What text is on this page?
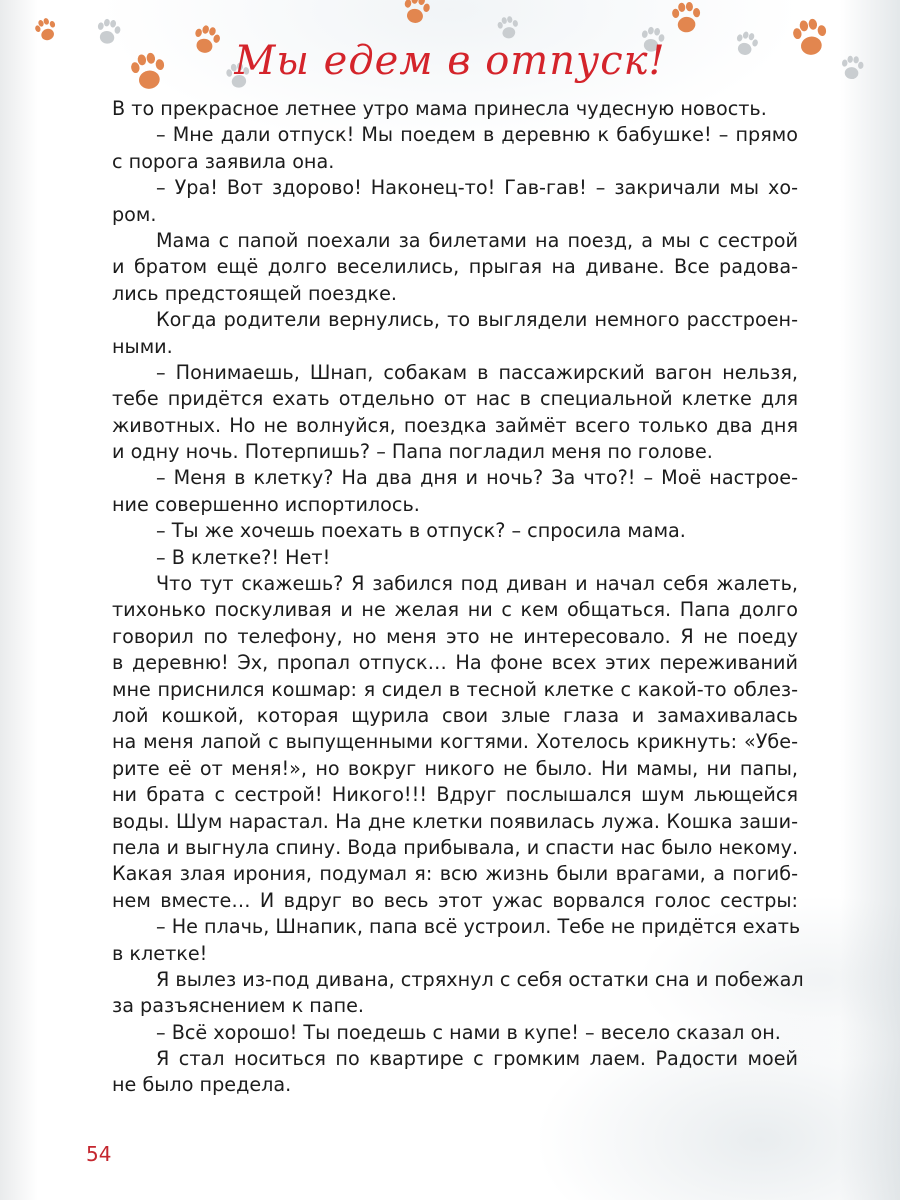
Мы едем в отпуск!
В то прекрасное летнее утро мама принесла чудесную новость.
– Мне дали отпуск! Мы поедем в деревню к бабушке! – прямо
с порога заявила она.
– Ура! Вот здорово! Наконец-то! Гав-гав! – закричали мы хо-
ром.
Мама с папой поехали за билетами на поезд, а мы с сестрой
и братом ещё долго веселились, прыгая на диване. Все радова-
лись предстоящей поездке.
Когда родители вернулись, то выглядели немного расстроен-
ными.
– Понимаешь, Шнап, собакам в пассажирский вагон нельзя,
тебе придётся ехать отдельно от нас в специальной клетке для
животных. Но не волнуйся, поездка займёт всего только два дня
и одну ночь. Потерпишь? – Папа погладил меня по голове.
– Меня в клетку? На два дня и ночь? За что?! – Моё настрое-
ние совершенно испортилось.
– Ты же хочешь поехать в отпуск? – спросила мама.
– В клетке?! Нет!
Что тут скажешь? Я забился под диван и начал себя жалеть,
тихонько поскуливая и не желая ни с кем общаться. Папа долго
говорил по телефону, но меня это не интересовало. Я не поеду
в деревню! Эх, пропал отпуск… На фоне всех этих переживаний
мне приснился кошмар: я сидел в тесной клетке с какой-то облез-
лой кошкой, которая щурила свои злые глаза и замахивалась
на меня лапой с выпущенными когтями. Хотелось крикнуть: «Убе-
рите её от меня!», но вокруг никого не было. Ни мамы, ни папы,
ни брата с сестрой! Никого!!! Вдруг послышался шум льющейся
воды. Шум нарастал. На дне клетки появилась лужа. Кошка заши-
пела и выгнула спину. Вода прибывала, и спасти нас было некому.
Какая злая ирония, подумал я: всю жизнь были врагами, а погиб-
нем вместе… И вдруг во весь этот ужас ворвался голос сестры:
– Не плачь, Шнапик, папа всё устроил. Тебе не придётся ехать
в клетке!
Я вылез из-под дивана, стряхнул с себя остатки сна и побежал
за разъяснением к папе.
– Всё хорошо! Ты поедешь с нами в купе! – весело сказал он.
Я стал носиться по квартире с громким лаем. Радости моей
не было предела.
54
